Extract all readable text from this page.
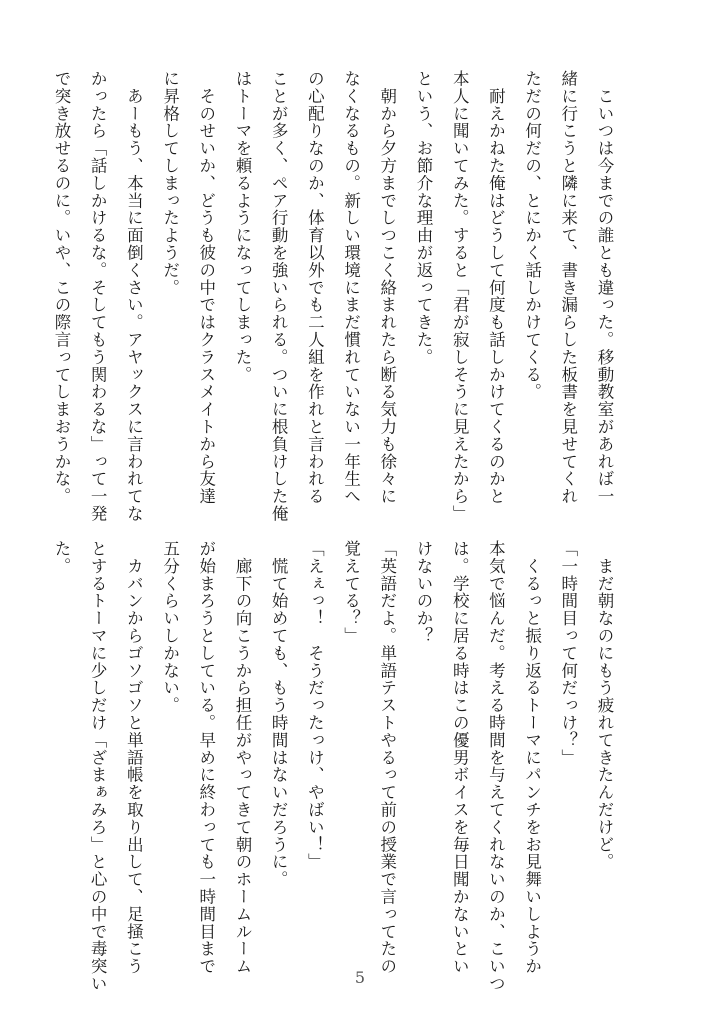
　こいつは今までの誰とも違った。移動教室があれば一
緒に行こうと隣に来て、書き漏らした板書を見せてくれ
ただの何だの、とにかく話しかけてくる。
　耐えかねた俺はどうして何度も話しかけてくるのかと
本人に聞いてみた。すると「君が寂しそうに見えたから」
という、お節介な理由が返ってきた。
　朝から夕方までしつこく絡まれたら断る気力も徐々に
なくなるもの。新しい環境にまだ慣れていない一年生へ
の心配りなのか、体育以外でも二人組を作れと言われる
ことが多く、ペア行動を強いられる。ついに根負けした俺
はトーマを頼るようになってしまった。
　そのせいか、どうも彼の中ではクラスメイトから友達
に昇格してしまったようだ。
　あーもう、本当に面倒くさい。アヤックスに言われてな
かったら「話しかけるな。そしてもう関わるな」って一発
で突き放せるのに。いや、この際言ってしまおうかな。
　まだ朝なのにもう疲れてきたんだけど。
「一時間目って何だっけ？」
　くるっと振り返るトーマにパンチをお見舞いしようか
本気で悩んだ。考える時間を与えてくれないのか、こいつ
は。学校に居る時はこの優男ボイスを毎日聞かないとい
けないのか？
「英語だよ。単語テストやるって前の授業で言ってたの
覚えてる？」
「えぇっ！　そうだったっけ、やばい！」
　慌て始めても、もう時間はないだろうに。
　廊下の向こうから担任がやってきて朝のホームルーム
が始まろうとしている。早めに終わっても一時間目まで
五分くらいしかない。
　カバンからゴソゴソと単語帳を取り出して、足掻こう
とするトーマに少しだけ「ざまぁみろ」と心の中で毒突い
た。
5
